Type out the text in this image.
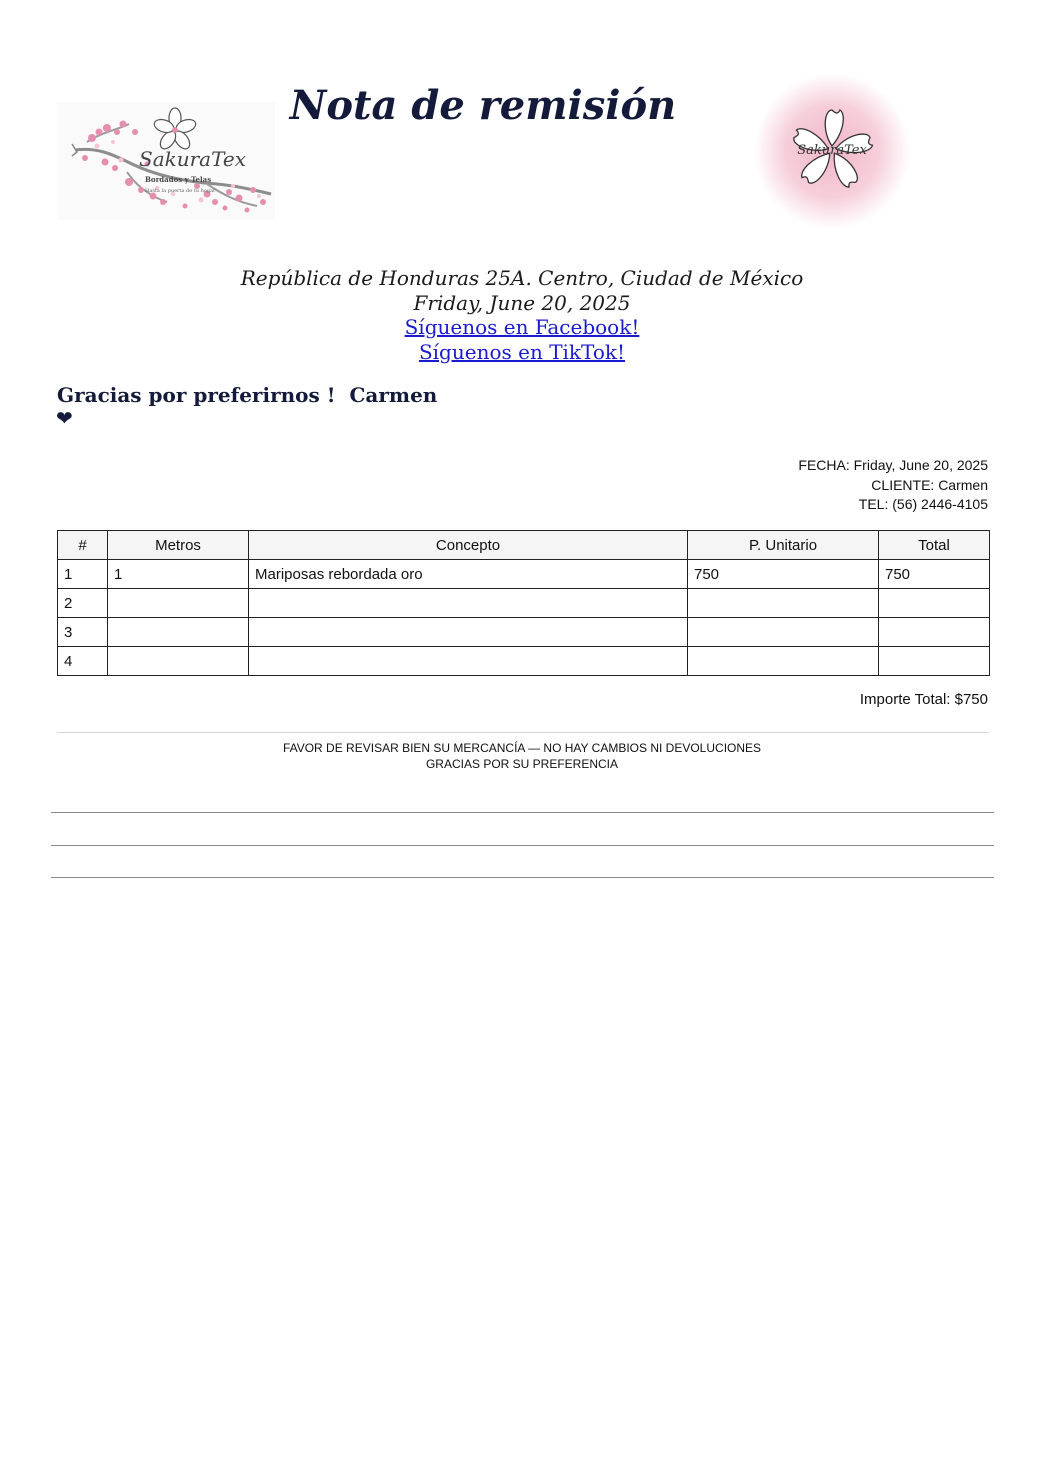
SakuraTex
Bordados y Telas
Hasta la puerta de tu hogar
Nota de remisión
SakuraTex
República de Honduras 25A. Centro, Ciudad de México
Friday, June 20, 2025
Síguenos en Facebook!
Síguenos en TikTok!
Gracias por preferirnos ! Carmen
❤
FECHA: Friday, June 20, 2025
CLIENTE: Carmen
TEL: (56) 2446-4105
#	Metros	Concepto	P. Unitario	Total
1	1	Mariposas rebordada oro	750	750
2				
3				
4				
Importe Total: $750
FAVOR DE REVISAR BIEN SU MERCANCÍA — NO HAY CAMBIOS NI DEVOLUCIONES
GRACIAS POR SU PREFERENCIA
